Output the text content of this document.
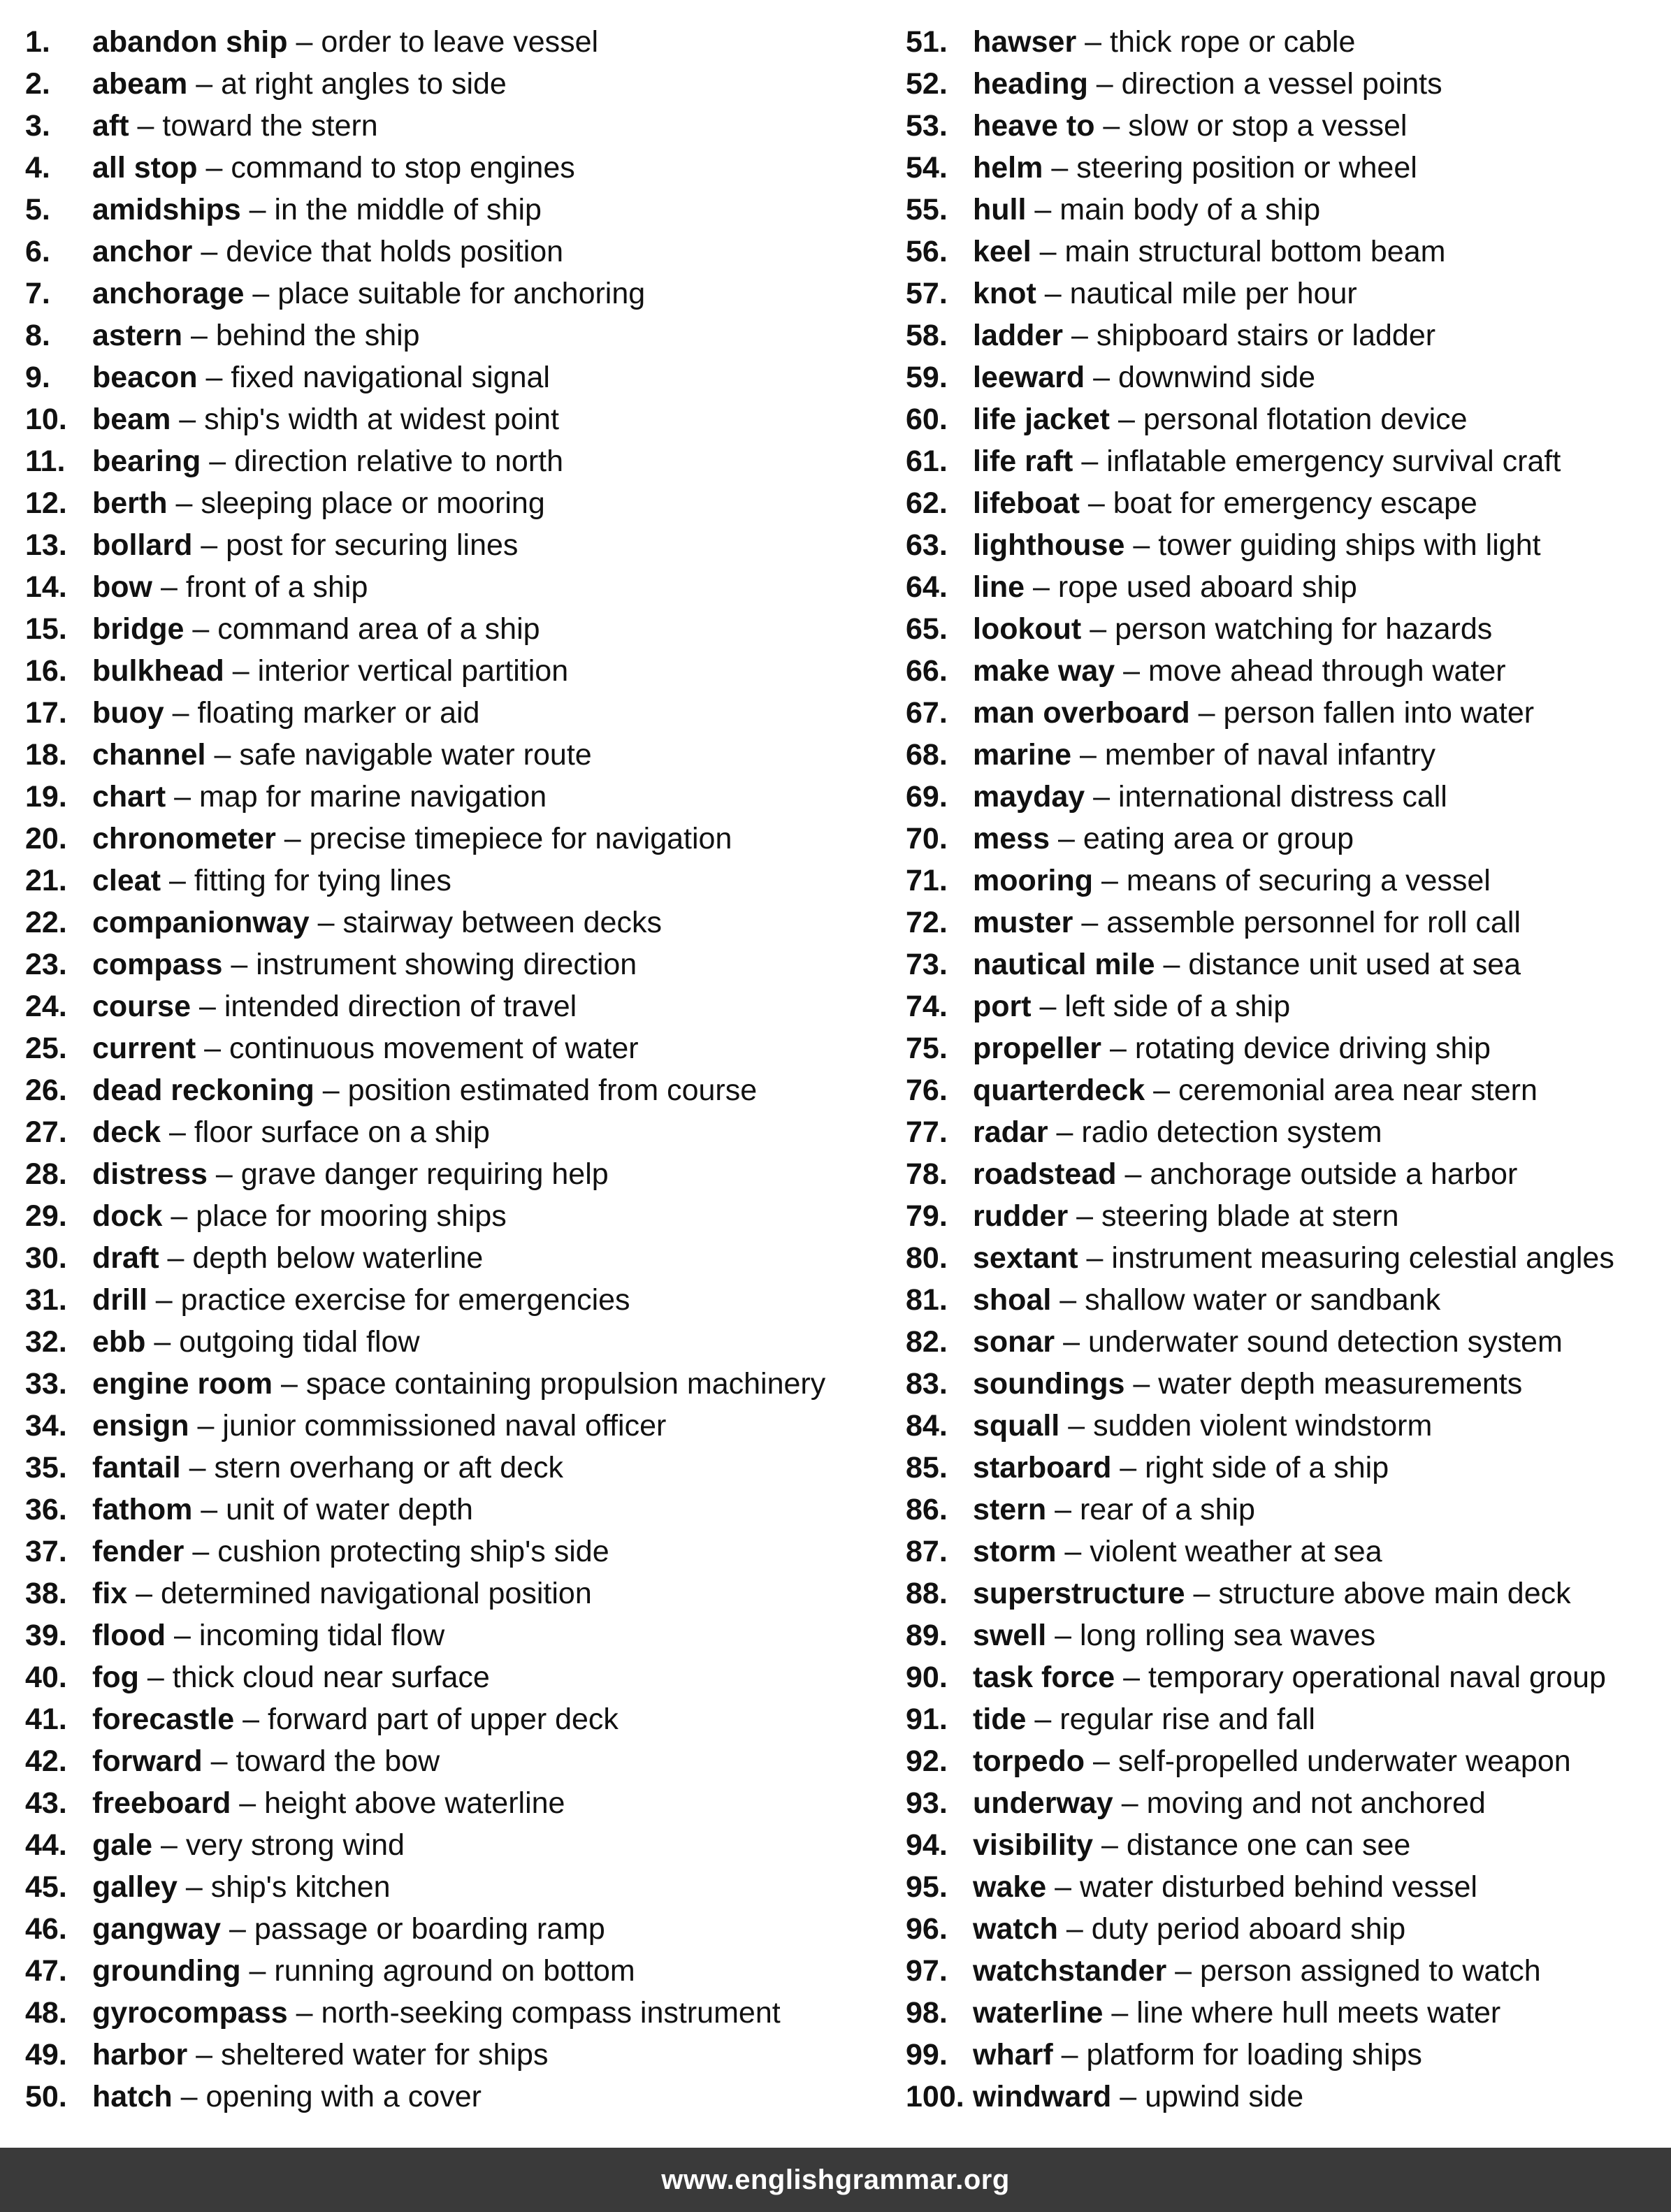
1. abandon ship – order to leave vessel
2. abeam – at right angles to side
3. aft – toward the stern
4. all stop – command to stop engines
5. amidships – in the middle of ship
6. anchor – device that holds position
7. anchorage – place suitable for anchoring
8. astern – behind the ship
9. beacon – fixed navigational signal
10. beam – ship's width at widest point
11. bearing – direction relative to north
12. berth – sleeping place or mooring
13. bollard – post for securing lines
14. bow – front of a ship
15. bridge – command area of a ship
16. bulkhead – interior vertical partition
17. buoy – floating marker or aid
18. channel – safe navigable water route
19. chart – map for marine navigation
20. chronometer – precise timepiece for navigation
21. cleat – fitting for tying lines
22. companionway – stairway between decks
23. compass – instrument showing direction
24. course – intended direction of travel
25. current – continuous movement of water
26. dead reckoning – position estimated from course
27. deck – floor surface on a ship
28. distress – grave danger requiring help
29. dock – place for mooring ships
30. draft – depth below waterline
31. drill – practice exercise for emergencies
32. ebb – outgoing tidal flow
33. engine room – space containing propulsion machinery
34. ensign – junior commissioned naval officer
35. fantail – stern overhang or aft deck
36. fathom – unit of water depth
37. fender – cushion protecting ship's side
38. fix – determined navigational position
39. flood – incoming tidal flow
40. fog – thick cloud near surface
41. forecastle – forward part of upper deck
42. forward – toward the bow
43. freeboard – height above waterline
44. gale – very strong wind
45. galley – ship's kitchen
46. gangway – passage or boarding ramp
47. grounding – running aground on bottom
48. gyrocompass – north-seeking compass instrument
49. harbor – sheltered water for ships
50. hatch – opening with a cover
51. hawser – thick rope or cable
52. heading – direction a vessel points
53. heave to – slow or stop a vessel
54. helm – steering position or wheel
55. hull – main body of a ship
56. keel – main structural bottom beam
57. knot – nautical mile per hour
58. ladder – shipboard stairs or ladder
59. leeward – downwind side
60. life jacket – personal flotation device
61. life raft – inflatable emergency survival craft
62. lifeboat – boat for emergency escape
63. lighthouse – tower guiding ships with light
64. line – rope used aboard ship
65. lookout – person watching for hazards
66. make way – move ahead through water
67. man overboard – person fallen into water
68. marine – member of naval infantry
69. mayday – international distress call
70. mess – eating area or group
71. mooring – means of securing a vessel
72. muster – assemble personnel for roll call
73. nautical mile – distance unit used at sea
74. port – left side of a ship
75. propeller – rotating device driving ship
76. quarterdeck – ceremonial area near stern
77. radar – radio detection system
78. roadstead – anchorage outside a harbor
79. rudder – steering blade at stern
80. sextant – instrument measuring celestial angles
81. shoal – shallow water or sandbank
82. sonar – underwater sound detection system
83. soundings – water depth measurements
84. squall – sudden violent windstorm
85. starboard – right side of a ship
86. stern – rear of a ship
87. storm – violent weather at sea
88. superstructure – structure above main deck
89. swell – long rolling sea waves
90. task force – temporary operational naval group
91. tide – regular rise and fall
92. torpedo – self-propelled underwater weapon
93. underway – moving and not anchored
94. visibility – distance one can see
95. wake – water disturbed behind vessel
96. watch – duty period aboard ship
97. watchstander – person assigned to watch
98. waterline – line where hull meets water
99. wharf – platform for loading ships
100. windward – upwind side
www.englishgrammar.org
